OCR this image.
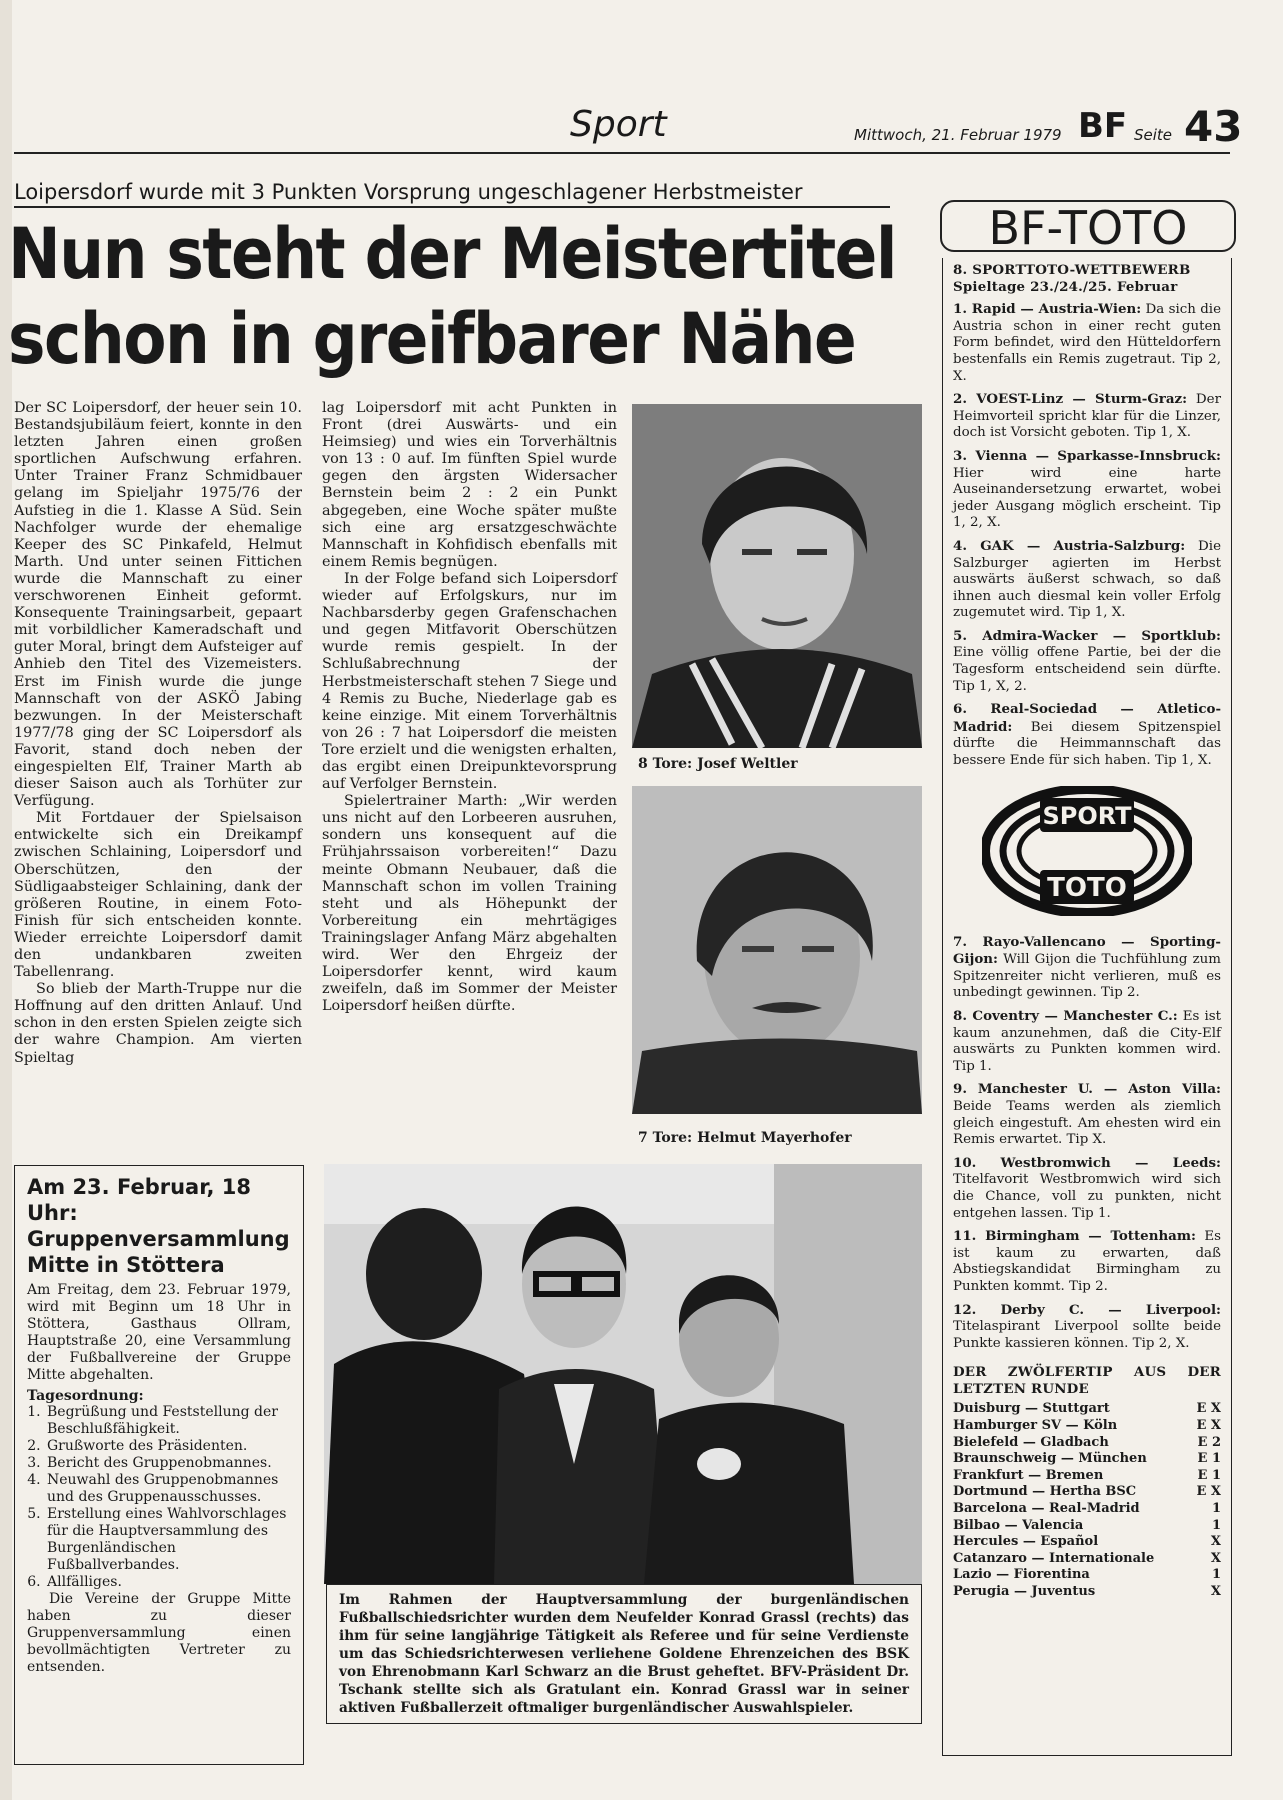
Sport	Mittwoch, 21. Februar 1979 BF Seite 43
Loipersdorf wurde mit 3 Punkten Vorsprung ungeschlagener Herbstmeister
Nun steht der Meistertitel
schon in greifbarer Nähe

Der SC Loipersdorf, der heuer sein 10. Bestandsjubiläum feiert, konnte in den letzten Jahren einen großen sportlichen Aufschwung erfahren. Unter Trainer Franz Schmidbauer gelang im Spieljahr 1975/76 der Aufstieg in die 1. Klasse A Süd. Sein Nachfolger wurde der ehemalige Keeper des SC Pinkafeld, Helmut Marth. Und unter seinen Fittichen wurde die Mannschaft zu einer verschworenen Einheit geformt. Konsequente Trainingsarbeit, gepaart mit vorbildlicher Kameradschaft und guter Moral, bringt dem Aufsteiger auf Anhieb den Titel des Vizemeisters. Erst im Finish wurde die junge Mannschaft von der ASKÖ Jabing bezwungen. In der Meisterschaft 1977/78 ging der SC Loipersdorf als Favorit, stand doch neben der eingespielten Elf, Trainer Marth ab dieser Saison auch als Torhüter zur Verfügung.

Mit Fortdauer der Spielsaison entwickelte sich ein Dreikampf zwischen Schlaining, Loipersdorf und Oberschützen, den der Südligaabsteiger Schlaining, dank der größeren Routine, in einem Foto-Finish für sich entscheiden konnte. Wieder erreichte Loipersdorf damit den undankbaren zweiten Tabellenrang.

So blieb der Marth-Truppe nur die Hoffnung auf den dritten Anlauf. Und schon in den ersten Spielen zeigte sich der wahre Champion. Am vierten Spieltag

lag Loipersdorf mit acht Punkten in Front (drei Auswärts- und ein Heimsieg) und wies ein Torverhältnis von 13 : 0 auf. Im fünften Spiel wurde gegen den ärgsten Widersacher Bernstein beim 2 : 2 ein Punkt abgegeben, eine Woche später mußte sich eine arg ersatzgeschwächte Mannschaft in Kohfidisch ebenfalls mit einem Remis begnügen.

In der Folge befand sich Loipersdorf wieder auf Erfolgskurs, nur im Nachbarsderby gegen Grafenschachen und gegen Mitfavorit Oberschützen wurde remis gespielt. In der Schlußabrechnung der Herbstmeisterschaft stehen 7 Siege und 4 Remis zu Buche, Niederlage gab es keine einzige. Mit einem Torverhältnis von 26 : 7 hat Loipersdorf die meisten Tore erzielt und die wenigsten erhalten, das ergibt einen Dreipunktevorsprung auf Verfolger Bernstein.

Spielertrainer Marth: „Wir werden uns nicht auf den Lorbeeren ausruhen, sondern uns konsequent auf die Frühjahrssaison vorbereiten!“ Dazu meinte Obmann Neubauer, daß die Mannschaft schon im vollen Training steht und als Höhepunkt der Vorbereitung ein mehrtägiges Trainingslager Anfang März abgehalten wird. Wer den Ehrgeiz der Loipersdorfer kennt, wird kaum zweifeln, daß im Sommer der Meister Loipersdorf heißen dürfte.

8 Tore: Josef Weltler
7 Tore: Helmut Mayerhofer
Am 23. Februar, 18 Uhr: Gruppenversammlung Mitte in Stöttera
Am Freitag, dem 23. Februar 1979, wird mit Beginn um 18 Uhr in Stöttera, Gasthaus Ollram, Hauptstraße 20, eine Versammlung der Fußballvereine der Gruppe Mitte abgehalten.
Tagesordnung:
1. Begrüßung und Feststellung der Beschlußfähigkeit.
2. Grußworte des Präsidenten.
3. Bericht des Gruppenobmannes.
4. Neuwahl des Gruppenobmannes und des Gruppenausschusses.
5. Erstellung eines Wahlvorschlages für die Hauptversammlung des Burgenländischen Fußballverbandes.
6. Allfälliges.
Die Vereine der Gruppe Mitte haben zu dieser Gruppenversammlung einen bevollmächtigten Vertreter zu entsenden.
Im Rahmen der Hauptversammlung der burgenländischen Fußballschiedsrichter wurden dem Neufelder Konrad Grassl (rechts) das ihm für seine langjährige Tätigkeit als Referee und für seine Verdienste um das Schiedsrichterwesen verliehene Goldene Ehrenzeichen des BSK von Ehrenobmann Karl Schwarz an die Brust geheftet. BFV-Präsident Dr. Tschank stellte sich als Gratulant ein. Konrad Grassl war in seiner aktiven Fußballerzeit oftmaliger burgenländischer Auswahlspieler.
BF-TOTO
8. SPORTTOTO-WETTBEWERB
Spieltage 23./24./25. Februar
1. Rapid — Austria-Wien: Da sich die Austria schon in einer recht guten Form befindet, wird den Hütteldorfern bestenfalls ein Remis zugetraut. Tip 2, X.
2. VOEST-Linz — Sturm-Graz: Der Heimvorteil spricht klar für die Linzer, doch ist Vorsicht geboten. Tip 1, X.
3. Vienna — Sparkasse-Innsbruck: Hier wird eine harte Auseinandersetzung erwartet, wobei jeder Ausgang möglich erscheint. Tip 1, 2, X.
4. GAK — Austria-Salzburg: Die Salzburger agierten im Herbst auswärts äußerst schwach, so daß ihnen auch diesmal kein voller Erfolg zugemutet wird. Tip 1, X.
5. Admira-Wacker — Sportklub: Eine völlig offene Partie, bei der die Tagesform entscheidend sein dürfte. Tip 1, X, 2.
6. Real-Sociedad — Atletico-Madrid: Bei diesem Spitzenspiel dürfte die Heimmannschaft das bessere Ende für sich haben. Tip 1, X.
SPORT
TOTO
7. Rayo-Vallencano — Sporting-Gijon: Will Gijon die Tuchfühlung zum Spitzenreiter nicht verlieren, muß es unbedingt gewinnen. Tip 2.
8. Coventry — Manchester C.: Es ist kaum anzunehmen, daß die City-Elf auswärts zu Punkten kommen wird. Tip 1.
9. Manchester U. — Aston Villa: Beide Teams werden als ziemlich gleich eingestuft. Am ehesten wird ein Remis erwartet. Tip X.
10. Westbromwich — Leeds: Titelfavorit Westbromwich wird sich die Chance, voll zu punkten, nicht entgehen lassen. Tip 1.
11. Birmingham — Tottenham: Es ist kaum zu erwarten, daß Abstiegskandidat Birmingham zu Punkten kommt. Tip 2.
12. Derby C. — Liverpool: Titelaspirant Liverpool sollte beide Punkte kassieren können. Tip 2, X.
DER ZWÖLFERTIP AUS DER LETZTEN RUNDE
Duisburg — Stuttgart	E X
Hamburger SV — Köln	E X
Bielefeld — Gladbach	E 2
Braunschweig — München	E 1
Frankfurt — Bremen	E 1
Dortmund — Hertha BSC	E X
Barcelona — Real-Madrid	1
Bilbao — Valencia	1
Hercules — Español	X
Catanzaro — Internationale	X
Lazio — Fiorentina	1
Perugia — Juventus	X
